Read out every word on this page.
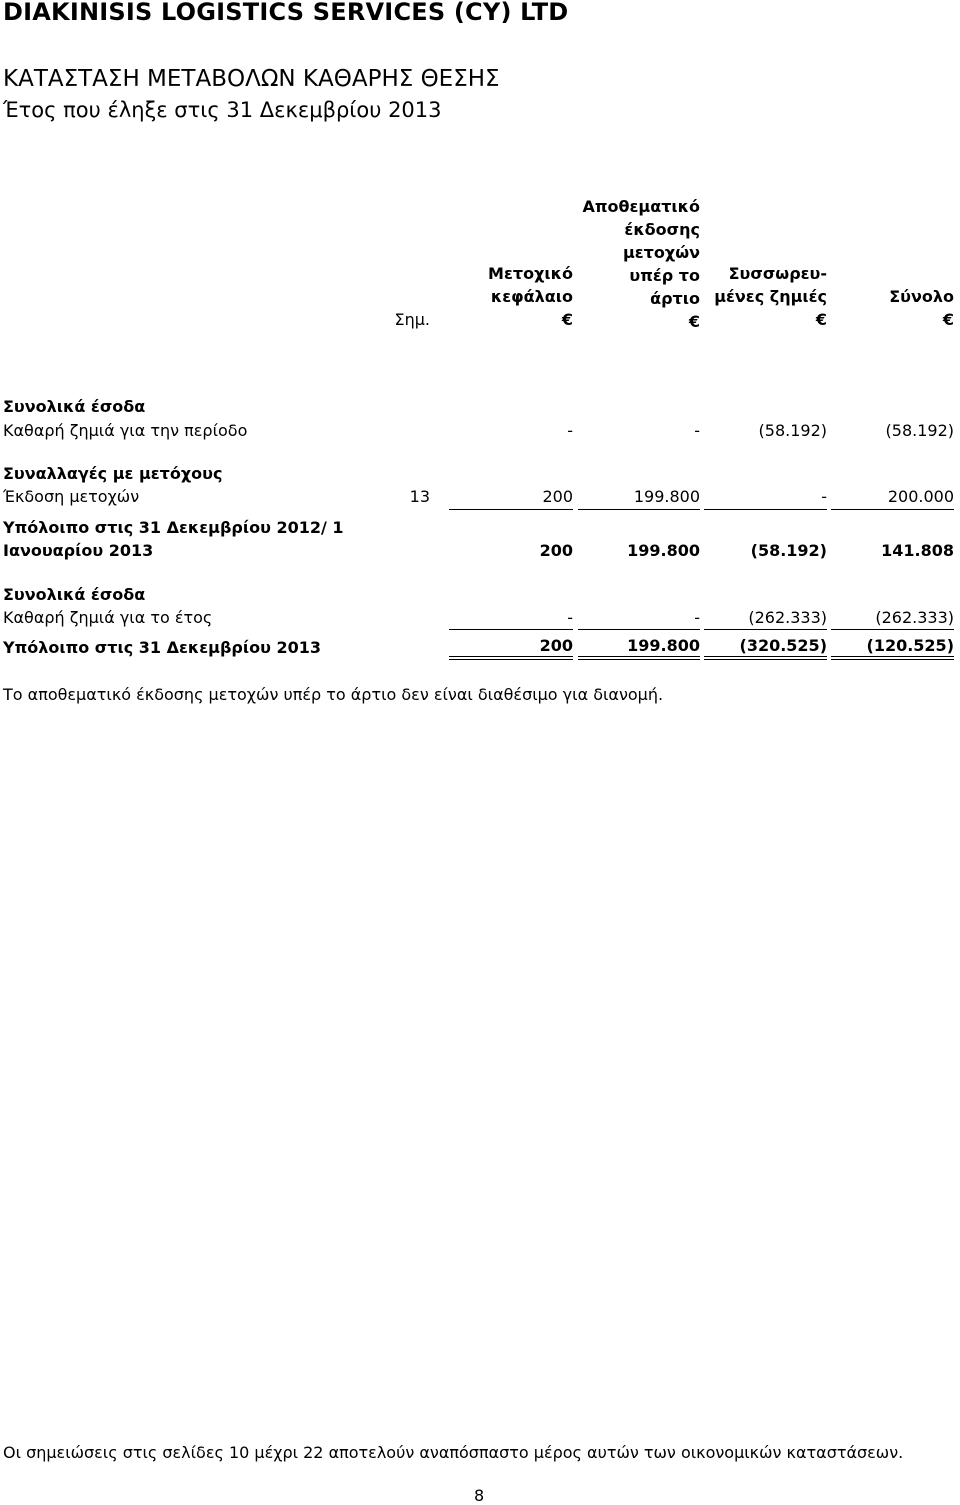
DIAKINISIS LOGISTICS SERVICES (CY) LTD
ΚΑΤΑΣΤΑΣΗ ΜΕΤΑΒΟΛΩΝ ΚΑΘΑΡΗΣ ΘΕΣΗΣ
Έτος που έληξε στις 31 Δεκεμβρίου 2013
Σημ.
Μετοχικό
κεφάλαιο
€
Αποθεματικό
έκδοσης
μετοχών
υπέρ το
άρτιο
€
Συσσωρευ-
μένες ζημιές
€
Σύνολο
€
Συνολικά έσοδα
Καθαρή ζημιά για την περίοδο	-	-	(58.192)	(58.192)
Συναλλαγές με μετόχους
Έκδοση μετοχών	13	200	199.800	-	200.000
Υπόλοιπο στις 31 Δεκεμβρίου 2012/ 1
Ιανουαρίου 2013	200	199.800	(58.192)	141.808
Συνολικά έσοδα
Καθαρή ζημιά για το έτος	-	-	(262.333)	(262.333)
Υπόλοιπο στις 31 Δεκεμβρίου 2013	200	199.800 (320.525) (120.525)
Το αποθεματικό έκδοσης μετοχών υπέρ το άρτιο δεν είναι διαθέσιμο για διανομή.
Οι σημειώσεις στις σελίδες 10 μέχρι 22 αποτελούν αναπόσπαστο μέρος αυτών των οικονομικών καταστάσεων.
8
